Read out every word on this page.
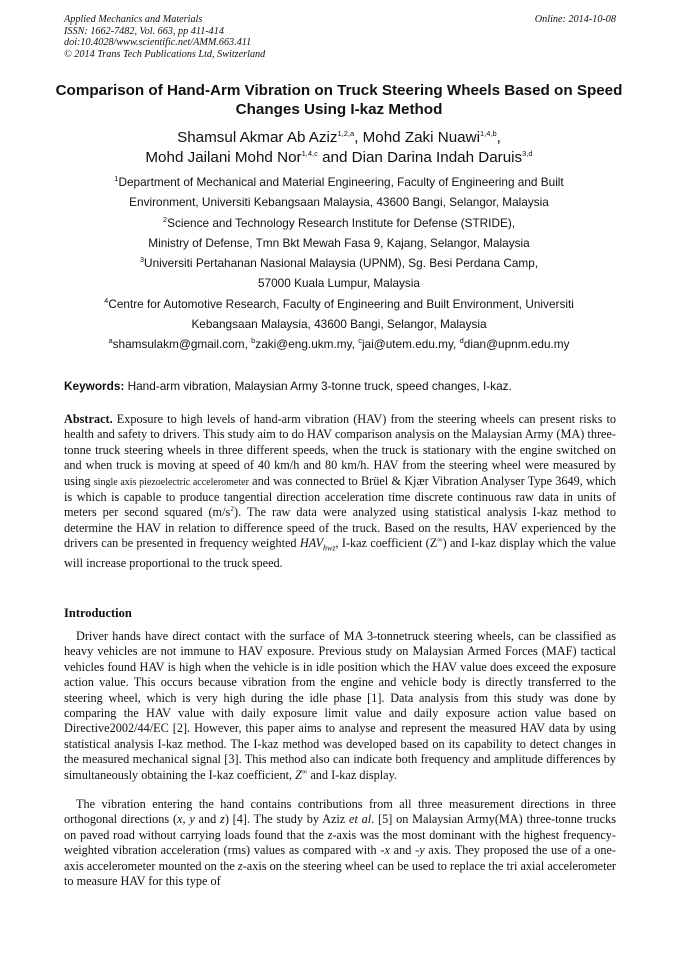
Applied Mechanics and Materials
ISSN: 1662-7482, Vol. 663, pp 411-414
doi:10.4028/www.scientific.net/AMM.663.411
© 2014 Trans Tech Publications Ltd, Switzerland
Online: 2014-10-08
Comparison of Hand-Arm Vibration on Truck Steering Wheels Based on Speed Changes Using I-kaz Method
Shamsul Akmar Ab Aziz$^{1,2,a}$, Mohd Zaki Nuawi$^{1,4,b}$,
Mohd Jailani Mohd Nor$^{1,4,c}$ and Dian Darina Indah Daruis$^{3,d}$
$^1$Department of Mechanical and Material Engineering, Faculty of Engineering and Built
Environment, Universiti Kebangsaan Malaysia, 43600 Bangi, Selangor, Malaysia
$^2$Science and Technology Research Institute for Defense (STRIDE),
Ministry of Defense, Tmn Bkt Mewah Fasa 9, Kajang, Selangor, Malaysia
$^3$Universiti Pertahanan Nasional Malaysia (UPNM), Sg. Besi Perdana Camp,
57000 Kuala Lumpur, Malaysia
$^4$Centre for Automotive Research, Faculty of Engineering and Built Environment, Universiti
Kebangsaan Malaysia, 43600 Bangi, Selangor, Malaysia
$^a$shamsulakm@gmail.com, $^b$zaki@eng.ukm.my, $^c$jai@utem.edu.my, $^d$dian@upnm.edu.my
Keywords: Hand-arm vibration, Malaysian Army 3-tonne truck, speed changes, I-kaz.
Abstract. Exposure to high levels of hand-arm vibration (HAV) from the steering wheels can present risks to health and safety to drivers. This study aim to do HAV comparison analysis on the Malaysian Army (MA) three-tonne truck steering wheels in three different speeds, when the truck is stationary with the engine switched on and when truck is moving at speed of 40 km/h and 80 km/h. HAV from the steering wheel were measured by using single axis piezoelectric accelerometer and was connected to Brüel & Kjær Vibration Analyser Type 3649, which is which is capable to produce tangential direction acceleration time discrete continuous raw data in units of meters per second squared $(m/s^2)$. The raw data were analyzed using statistical analysis I-kaz method to determine the HAV in relation to difference speed of the truck. Based on the results, HAV experienced by the drivers can be presented in frequency weighted $HAV_{hwz}$, I-kaz coefficient (Z∞) and I-kaz display which the value will increase proportional to the truck speed.
Introduction
Driver hands have direct contact with the surface of MA 3-tonnetruck steering wheels, can be classified as heavy vehicles are not immune to HAV exposure. Previous study on Malaysian Armed Forces (MAF) tactical vehicles found HAV is high when the vehicle is in idle position which the HAV value does exceed the exposure action value. This occurs because vibration from the engine and vehicle body is directly transferred to the steering wheel, which is very high during the idle phase [1]. Data analysis from this study was done by comparing the HAV value with daily exposure limit value and daily exposure action value based on Directive2002/44/EC [2]. However, this paper aims to analyse and represent the measured HAV data by using statistical analysis I-kaz method. The I-kaz method was developed based on its capability to detect changes in the measured mechanical signal [3]. This method also can indicate both frequency and amplitude differences by simultaneously obtaining the I-kaz coefficient, Z∞ and I-kaz display.
The vibration entering the hand contains contributions from all three measurement directions in three orthogonal directions (x, y and z) [4]. The study by Aziz et al. [5] on Malaysian Army(MA) three-tonne trucks on paved road without carrying loads found that the z-axis was the most dominant with the highest frequency-weighted vibration acceleration (rms) values as compared with -x and -y axis. They proposed the use of a one-axis accelerometer mounted on the z-axis on the steering wheel can be used to replace the tri axial accelerometer to measure HAV for this type of
